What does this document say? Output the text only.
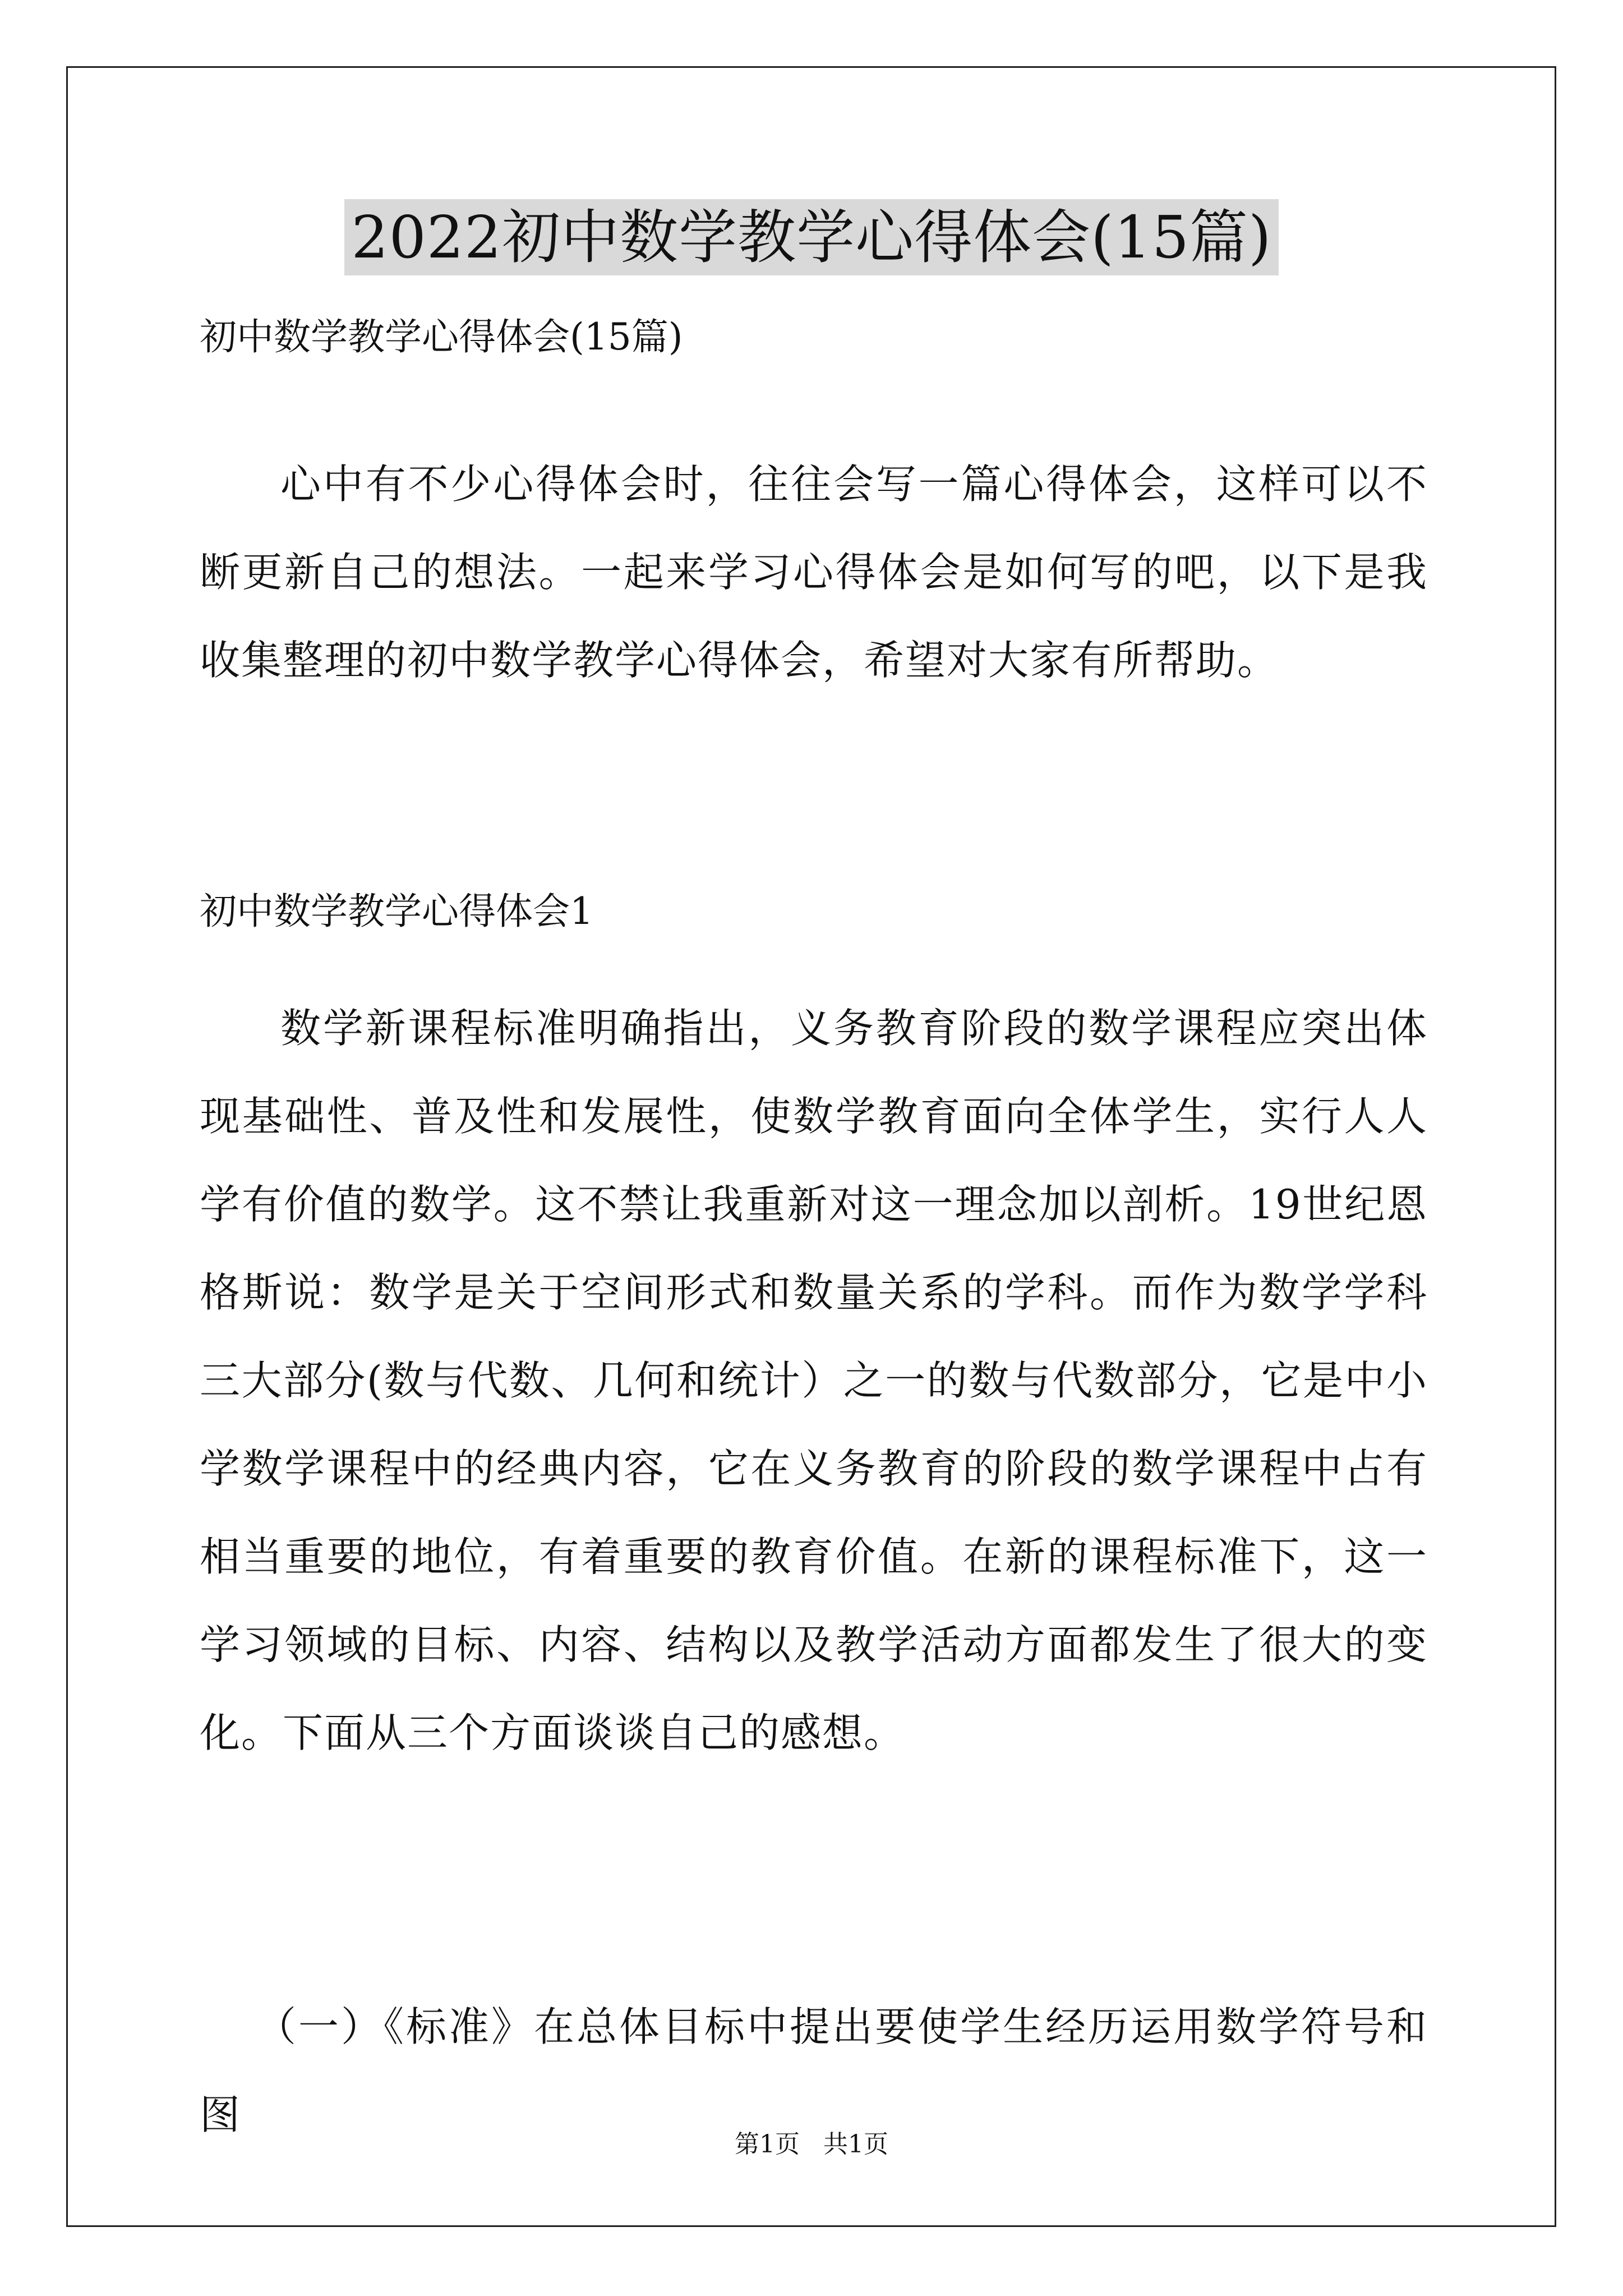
2022初中数学教学心得体会(15篇)
初中数学教学心得体会(15篇)
心中有不少心得体会时，往往会写一篇心得体会，这样可以不断更新自己的想法。一起来学习心得体会是如何写的吧，以下是我收集整理的初中数学教学心得体会，希望对大家有所帮助。
初中数学教学心得体会1
数学新课程标准明确指出，义务教育阶段的数学课程应突出体现基础性、普及性和发展性，使数学教育面向全体学生，实行人人学有价值的数学。这不禁让我重新对这一理念加以剖析。19世纪恩格斯说：数学是关于空间形式和数量关系的学科。而作为数学学科三大部分(数与代数、几何和统计）之一的数与代数部分，它是中小学数学课程中的经典内容，它在义务教育的阶段的数学课程中占有相当重要的地位，有着重要的教育价值。在新的课程标准下，这一学习领域的目标、内容、结构以及教学活动方面都发生了很大的变化。下面从三个方面谈谈自己的感想。
（一）《标准》在总体目标中提出要使学生经历运用数学符号和图
第1页   共1页
